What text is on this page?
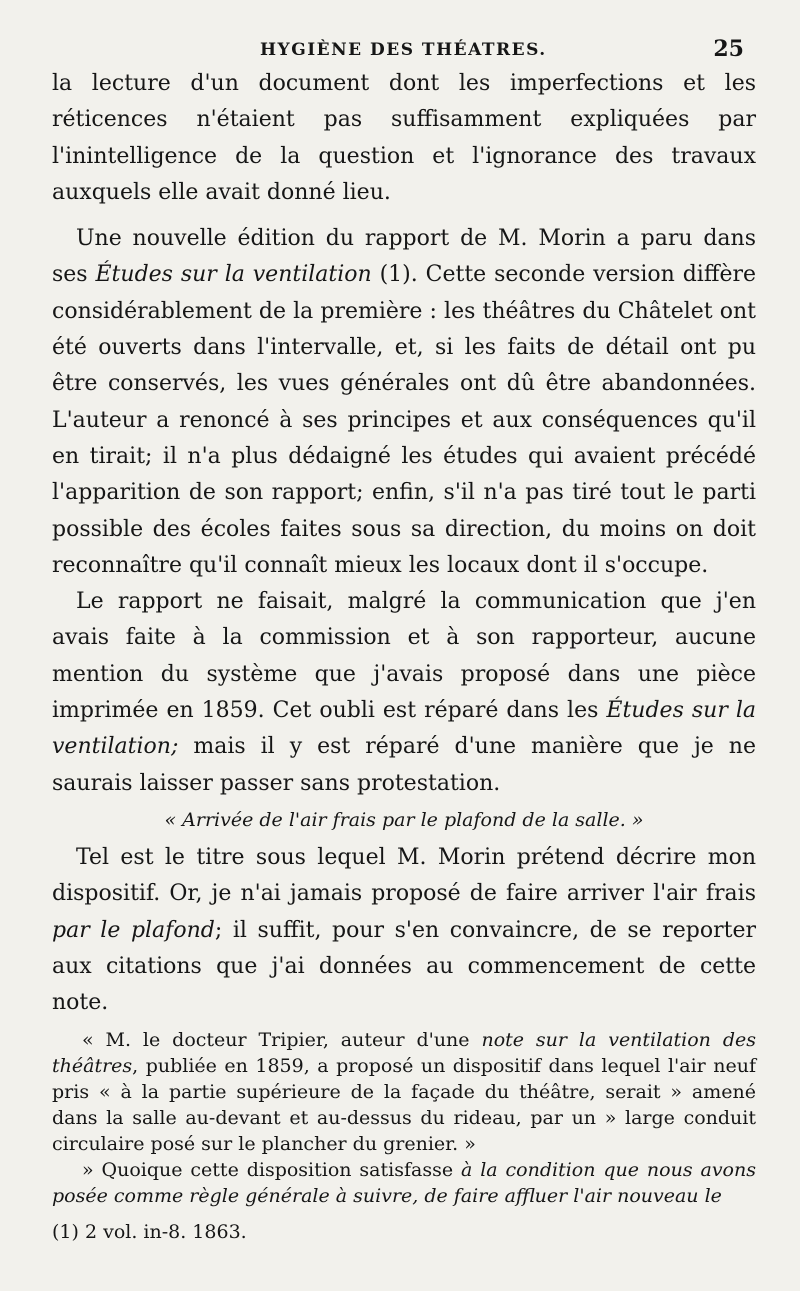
HYGIÈNE DES THÉATRES.	25

la lecture d'un document dont les imperfections et les réticences n'étaient pas suffisamment expliquées par l'inintelligence de la question et l'ignorance des travaux auxquels elle avait donné lieu.

Une nouvelle édition du rapport de M. Morin a paru dans ses Études sur la ventilation (1). Cette seconde version diffère considérablement de la première : les théâtres du Châtelet ont été ouverts dans l'intervalle, et, si les faits de détail ont pu être conservés, les vues générales ont dû être abandonnées. L'auteur a renoncé à ses principes et aux conséquences qu'il en tirait; il n'a plus dédaigné les études qui avaient précédé l'apparition de son rapport; enfin, s'il n'a pas tiré tout le parti possible des écoles faites sous sa direction, du moins on doit reconnaître qu'il connaît mieux les locaux dont il s'occupe.

Le rapport ne faisait, malgré la communication que j'en avais faite à la commission et à son rapporteur, aucune mention du système que j'avais proposé dans une pièce imprimée en 1859. Cet oubli est réparé dans les Études sur la ventilation; mais il y est réparé d'une manière que je ne saurais laisser passer sans protestation.

« Arrivée de l'air frais par le plafond de la salle. »

Tel est le titre sous lequel M. Morin prétend décrire mon dispositif. Or, je n'ai jamais proposé de faire arriver l'air frais par le plafond; il suffit, pour s'en convaincre, de se reporter aux citations que j'ai données au commencement de cette note.

« M. le docteur Tripier, auteur d'une note sur la ventilation des théâtres, publiée en 1859, a proposé un dispositif dans lequel l'air neuf pris « à la partie supérieure de la façade du théâtre, serait » amené dans la salle au-devant et au-dessus du rideau, par un » large conduit circulaire posé sur le plancher du grenier. »

» Quoique cette disposition satisfasse à la condition que nous avons posée comme règle générale à suivre, de faire affluer l'air nouveau le

(1) 2 vol. in-8. 1863.
